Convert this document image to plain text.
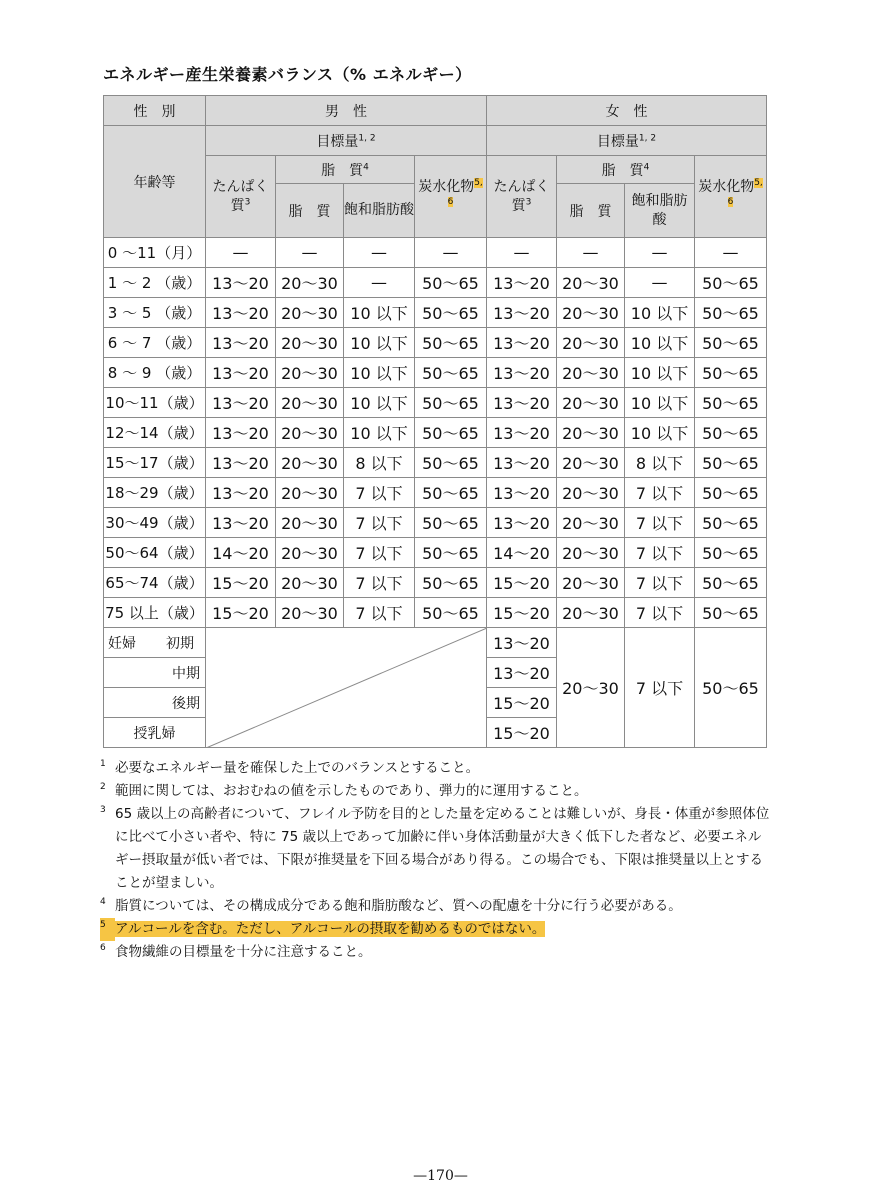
エネルギー産生栄養素バランス（% エネルギー）
性　別	男　性				女　性			
年齢等	目標量$^{1, 2}$				目標量$^{1, 2}$
	たんぱく質$^3$	脂　質$^4$		炭水化物$^{5, 6}$	たんぱく質$^3$	脂　質$^4$		炭水化物$^{5, 6}$
		脂　質	飽和脂肪酸			脂　質	飽和脂肪酸	
0 ～11（月）	—	—	—	—	—	—	—	—
1 ～ 2 （歳）	13～20	20～30	—	50～65	13～20	20～30	—	50～65
3 ～ 5 （歳）	13～20	20～30	10 以下	50～65	13～20	20～30	10 以下	50～65
6 ～ 7 （歳）	13～20	20～30	10 以下	50～65	13～20	20～30	10 以下	50～65
8 ～ 9 （歳）	13～20	20～30	10 以下	50～65	13～20	20～30	10 以下	50～65
10～11（歳）	13～20	20～30	10 以下	50～65	13～20	20～30	10 以下	50～65
12～14（歳）	13～20	20～30	10 以下	50～65	13～20	20～30	10 以下	50～65
15～17（歳）	13～20	20～30	8 以下	50～65	13～20	20～30	8 以下	50～65
18～29（歳）	13～20	20～30	7 以下	50～65	13～20	20～30	7 以下	50～65
30～49（歳）	13～20	20～30	7 以下	50～65	13～20	20～30	7 以下	50～65
50～64（歳）	14～20	20～30	7 以下	50～65	14～20	20～30	7 以下	50～65
65～74（歳）	15～20	20～30	7 以下	50～65	15～20	20～30	7 以下	50～65
75 以上（歳）	15～20	20～30	7 以下	50～65	15～20	20～30	7 以下	50～65
妊婦 初期					13～20	20～30	7 以下	50～65
中期					13～20			
後期					15～20			
授乳婦					15～20			
1 必要なエネルギー量を確保した上でのバランスとすること。
2 範囲に関しては、おおむねの値を示したものであり、弾力的に運用すること。
3 65 歳以上の高齢者について、フレイル予防を目的とした量を定めることは難しいが、身長・体重が参照体位に比べて小さい者や、特に 75 歳以上であって加齢に伴い身体活動量が大きく低下した者など、必要エネルギー摂取量が低い者では、下限が推奨量を下回る場合があり得る。この場合でも、下限は推奨量以上とすることが望ましい。
4 脂質については、その構成成分である飽和脂肪酸など、質への配慮を十分に行う必要がある。
5 アルコールを含む。ただし、アルコールの摂取を勧めるものではない。
6 食物繊維の目標量を十分に注意すること。
—170—
